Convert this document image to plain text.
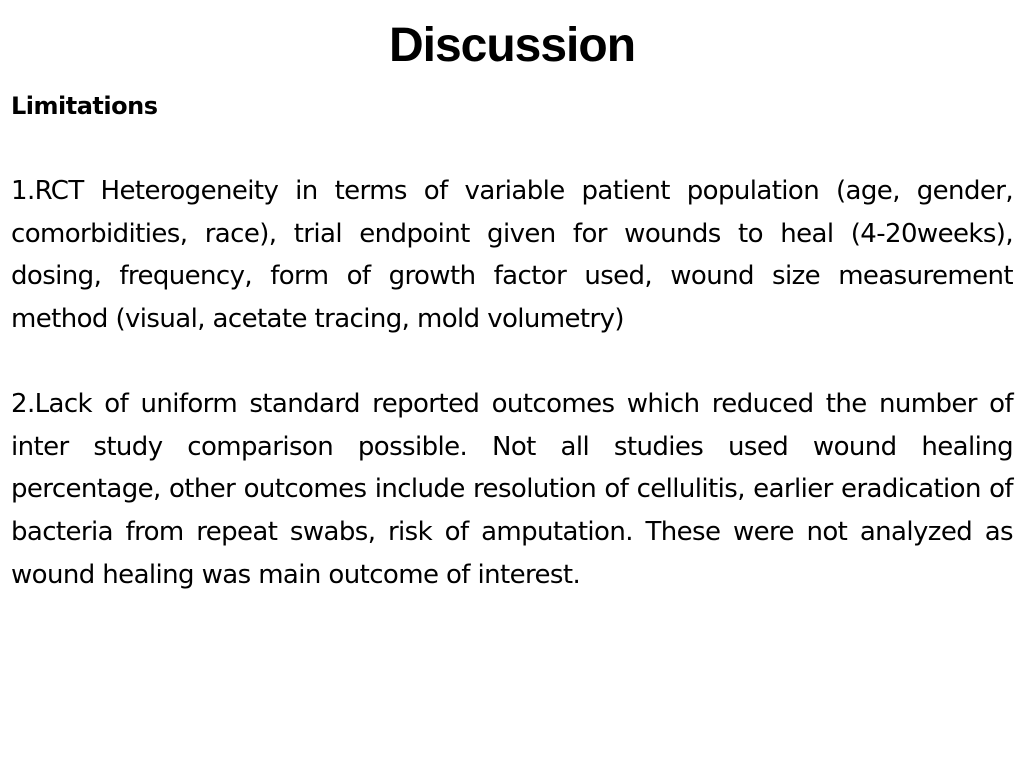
Discussion
Limitations

1.RCT Heterogeneity in terms of variable patient population (age, gender, comorbidities, race), trial endpoint given for wounds to heal (4-20weeks), dosing, frequency, form of growth factor used, wound size measurement method (visual, acetate tracing, mold volumetry)

2.Lack of uniform standard reported outcomes which reduced the number of inter study comparison possible. Not all studies used wound healing percentage, other outcomes include resolution of cellulitis, earlier eradication of bacteria from repeat swabs, risk of amputation. These were not analyzed as wound healing was main outcome of interest.
